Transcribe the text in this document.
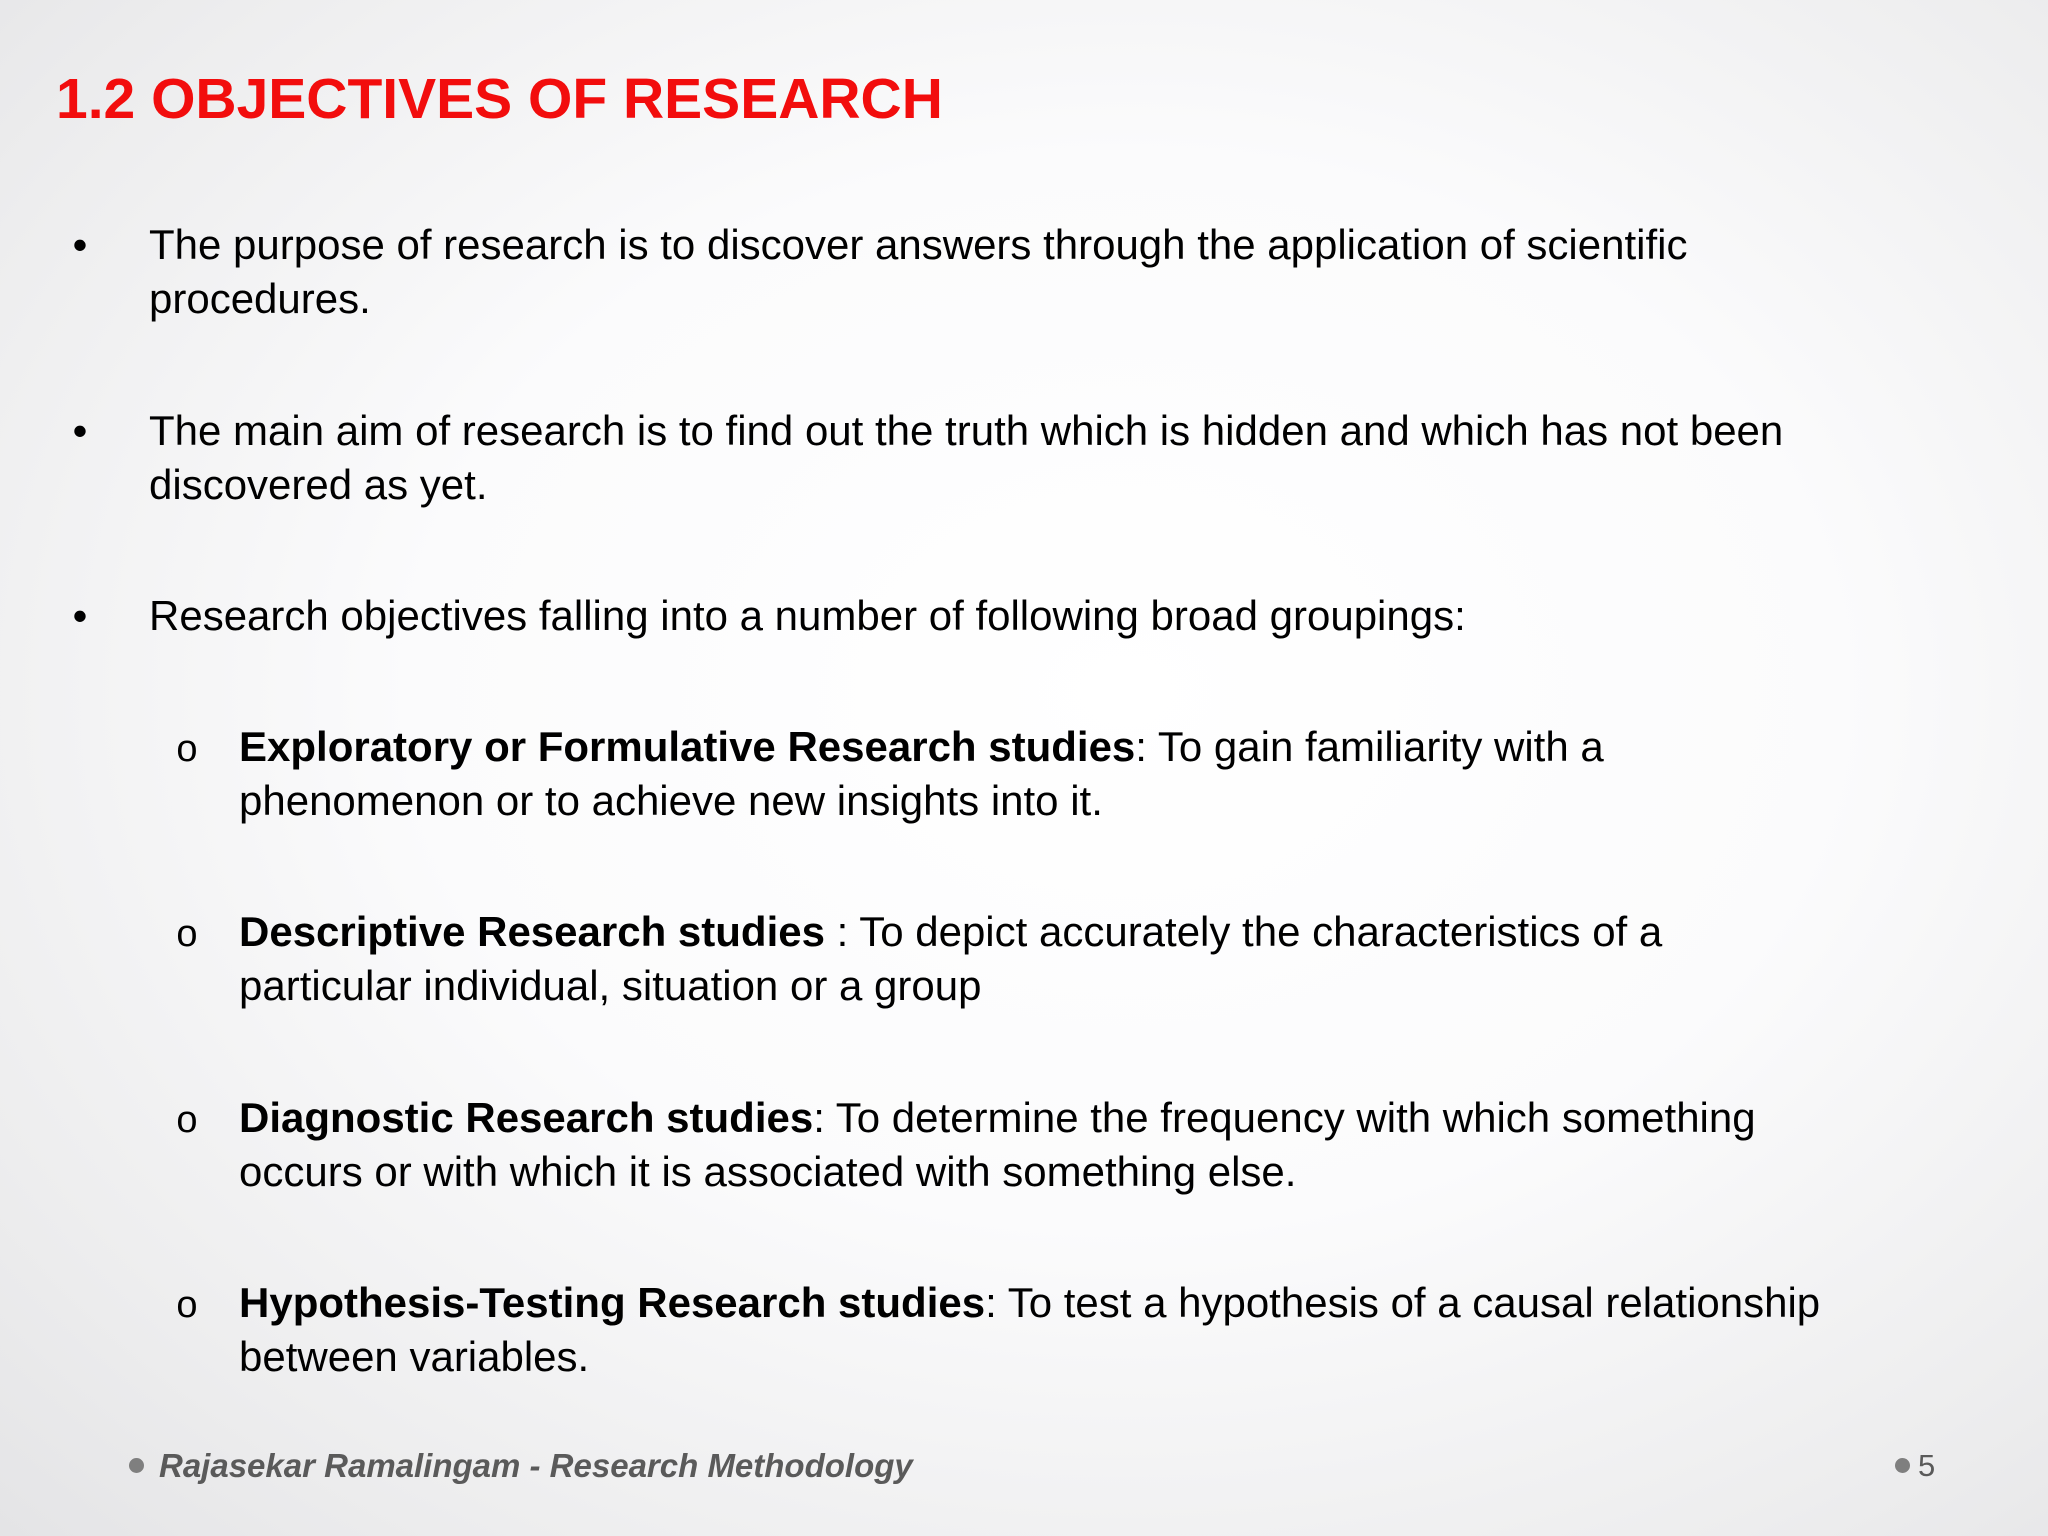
1.2 OBJECTIVES OF RESEARCH
• The purpose of research is to discover answers through the application of scientific
procedures.
• The main aim of research is to find out the truth which is hidden and which has not been
discovered as yet.
• Research objectives falling into a number of following broad groupings:
o Exploratory or Formulative Research studies: To gain familiarity with a
phenomenon or to achieve new insights into it.
o Descriptive Research studies : To depict accurately the characteristics of a
particular individual, situation or a group
o Diagnostic Research studies: To determine the frequency with which something
occurs or with which it is associated with something else.
o Hypothesis-Testing Research studies: To test a hypothesis of a causal relationship
between variables.
Rajasekar Ramalingam - Research Methodology	5
